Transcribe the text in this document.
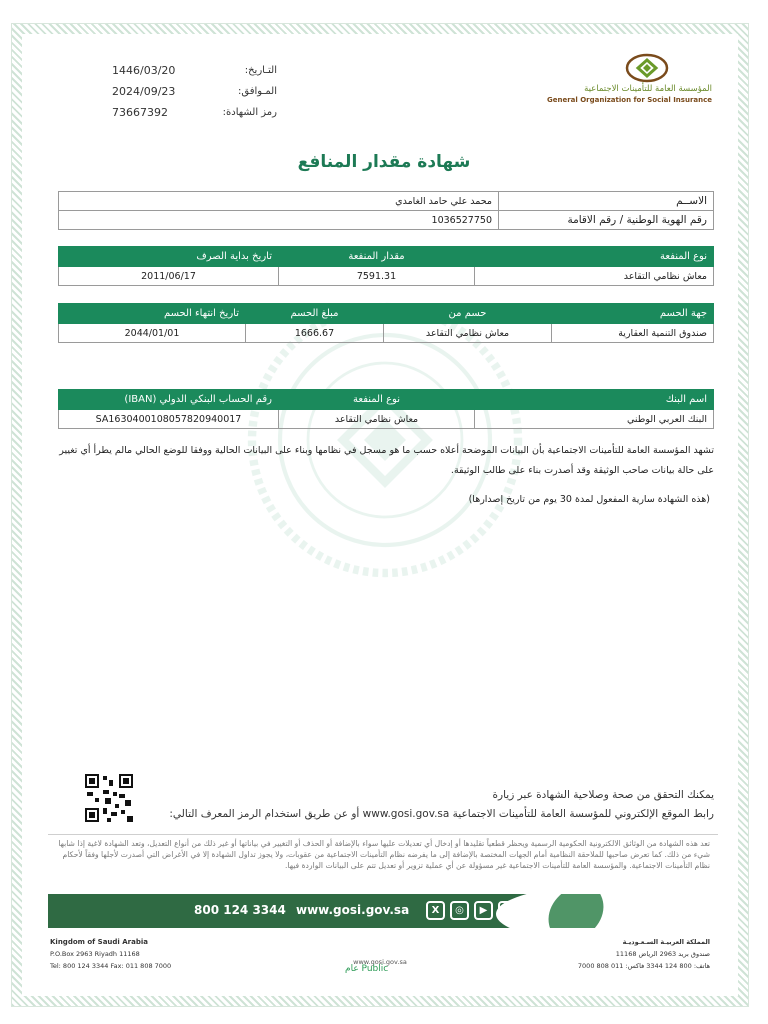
1446/03/20	التـاريخ:
2024/09/23	المـوافق:
73667392	رمز الشهادة:
المؤسسة العامة للتأمينات الاجتماعية
General Organization for Social Insurance
شهادة مقدار المنافع
محمد علي حامد الغامدي	الاســم
1036527750	رقم الهوية الوطنية / رقم الاقامة
تاريخ بداية الصرف	مقدار المنفعة	نوع المنفعة
2011/06/17	7591.31	معاش نظامي التقاعد
تاريخ انتهاء الحسم	مبلغ الحسم	حسم من	جهة الحسم
2044/01/01	1666.67	معاش نظامي التقاعد	صندوق التنمية العقارية
رقم الحساب البنكي الدولي (IBAN)	نوع المنفعة	اسم البنك
SA1630400108057820940017	معاش نظامي التقاعد	البنك العربي الوطني
تشهد المؤسسة العامة للتأمينات الاجتماعية بأن البيانات الموضحة أعلاه حسب ما هو مسجل في نظامها وبناء على البيانات الحالية ووفقا للوضع الحالي مالم يطرأ أي تغيير على حالة بيانات صاحب الوثيقة وقد أصدرت بناء على طالب الوثيقة.
(هذه الشهادة سارية المفعول لمدة 30 يوم من تاريخ إصدارها)
يمكنك التحقق من صحة وصلاحية الشهادة عبر زيارة
رابط الموقع الإلكتروني للمؤسسة العامة للتأمينات الاجتماعية www.gosi.gov.sa أو عن طريق استخدام الرمز المعرف التالي:
تعد هذه الشهادة من الوثائق الالكترونية الحكومية الرسمية ويحظر قطعياً تقليدها أو إدخال أي تعديلات عليها سواء بالإضافة أو الحذف أو التغيير في بياناتها أو غير ذلك من أنواع التعديل، وتعد الشهادة لاغية إذا شابها شيء من ذلك. كما تعرض صاحبها للملاحقة النظامية أمام الجهات المختصة بالإضافة إلى ما يفرضه نظام التأمينات الاجتماعية من عقوبات، ولا يجوز تداول الشهادة إلا في الأغراض التي أصدرت لأجلها وفقاً لأحكام نظام التأمينات الاجتماعية. والمؤسسة العامة للتأمينات الاجتماعية غير مسؤولة عن أي عملية تزوير أو تعديل تتم على البيانات الواردة فيها.
800 124 3344 www.gosi.gov.sa	X	◎	▶	in
Kingdom of Saudi Arabia
P.O.Box 2963 Riyadh 11168
Tel: 800 124 3344 Fax: 011 808 7000	www.gosi.gov.sa
عام Public
المملكة العربيـة السـعـوديـة
صندوق بريد 2963 الرياض 11168
هاتف: 800 124 3344 فاكس: 011 808 7000
